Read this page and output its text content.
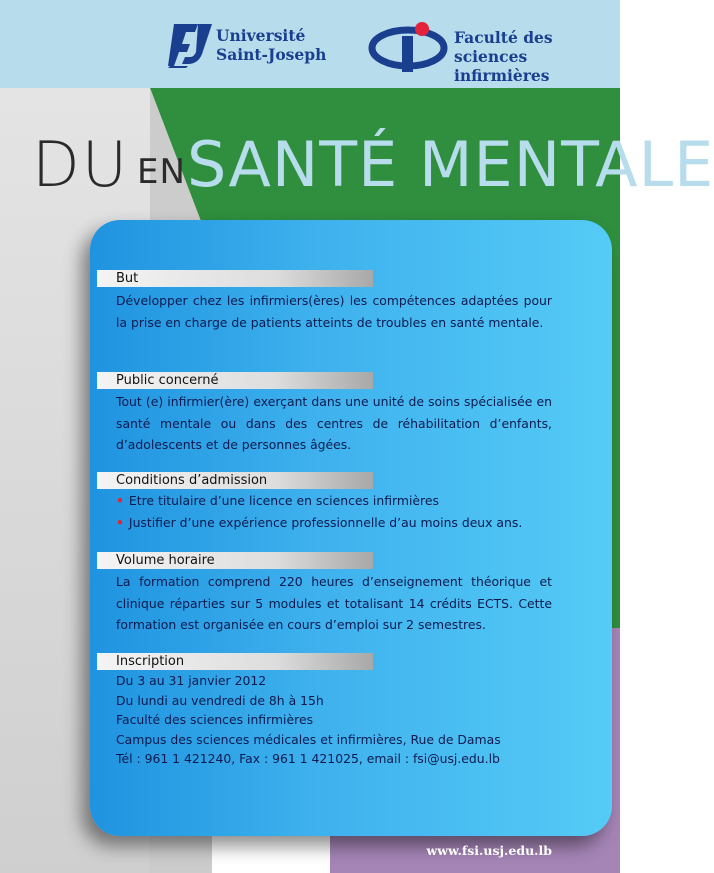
Université
Saint-Joseph
Faculté des
sciences infirmières
DU EN SANTÉ MENTALE
But

Développer chez les infirmiers(ères) les compétences adaptées pour la prise en charge de patients atteints de troubles en santé mentale.

Public concerné

Tout (e) infirmier(ère) exerçant dans une unité de soins spécialisée en santé mentale ou dans des centres de réhabilitation d’enfants, d’adolescents et de personnes âgées.

Conditions d’admission
• Etre titulaire d’une licence en sciences infirmières
• Justifier d’une expérience professionnelle d’au moins deux ans.
Volume horaire

La formation comprend 220 heures d’enseignement théorique et clinique réparties sur 5 modules et totalisant 14 crédits ECTS. Cette formation est organisée en cours d’emploi sur 2 semestres.

Inscription
Du 3 au 31 janvier 2012
Du lundi au vendredi de 8h à 15h
Faculté des sciences infirmières
Campus des sciences médicales et infirmières, Rue de Damas
Tél : 961 1 421240, Fax : 961 1 421025, email : fsi@usj.edu.lb
www.fsi.usj.edu.lb
